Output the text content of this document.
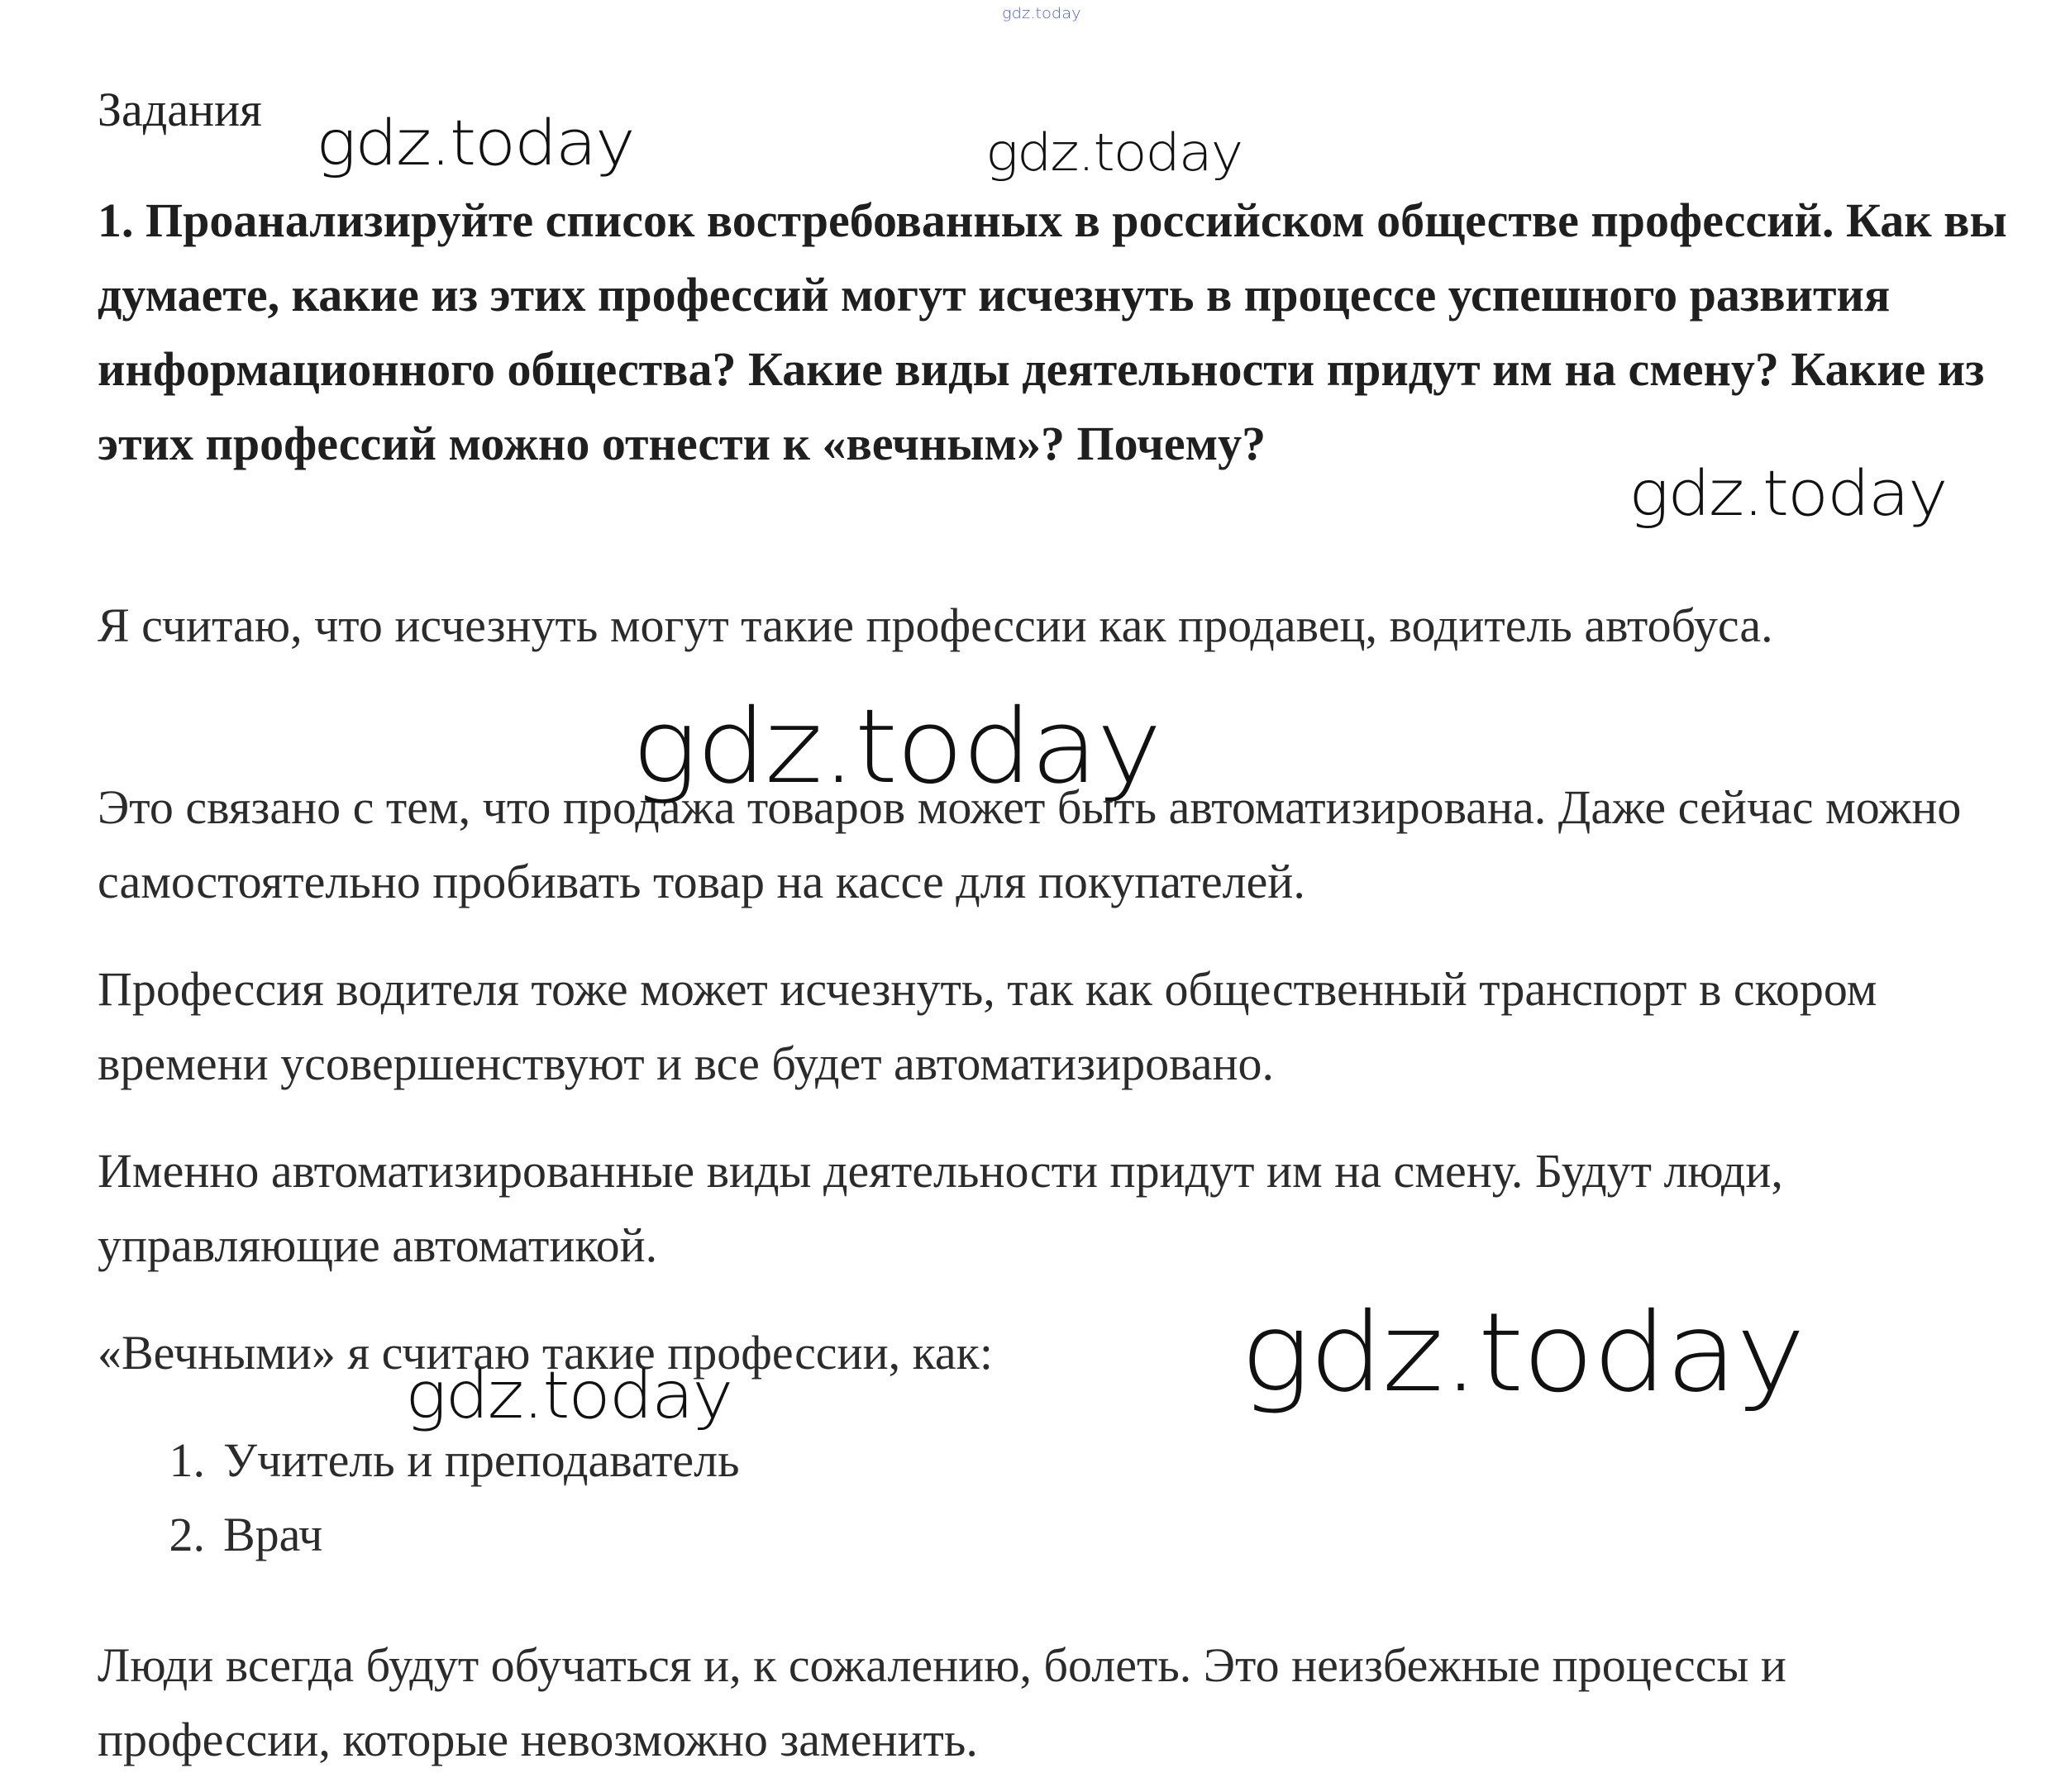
Задания

1. Проанализируйте список востребованных в российском обществе профессий. Как вы думаете, какие из этих профессий могут исчезнуть в процессе успешного развития информационного общества? Какие виды деятельности придут им на смену? Какие из этих профессий можно отнести к «вечным»? Почему?

Я считаю, что исчезнуть могут такие профессии как продавец, водитель автобуса.

Это связано с тем, что продажа товаров может быть автоматизирована. Даже сейчас можно самостоятельно пробивать товар на кассе для покупателей.

Профессия водителя тоже может исчезнуть, так как общественный транспорт в скором времени усовершенствуют и все будет автоматизировано.

Именно автоматизированные виды деятельности придут им на смену. Будут люди, управляющие автоматикой.

«Вечными» я считаю такие профессии, как:

1. Учитель и преподаватель
2. Врач

Люди всегда будут обучаться и, к сожалению, болеть. Это неизбежные процессы и профессии, которые невозможно заменить.

gdz.today
gdz.today	gdz.today
gdz.today
gdz.today
gdz.today
gdz.today
